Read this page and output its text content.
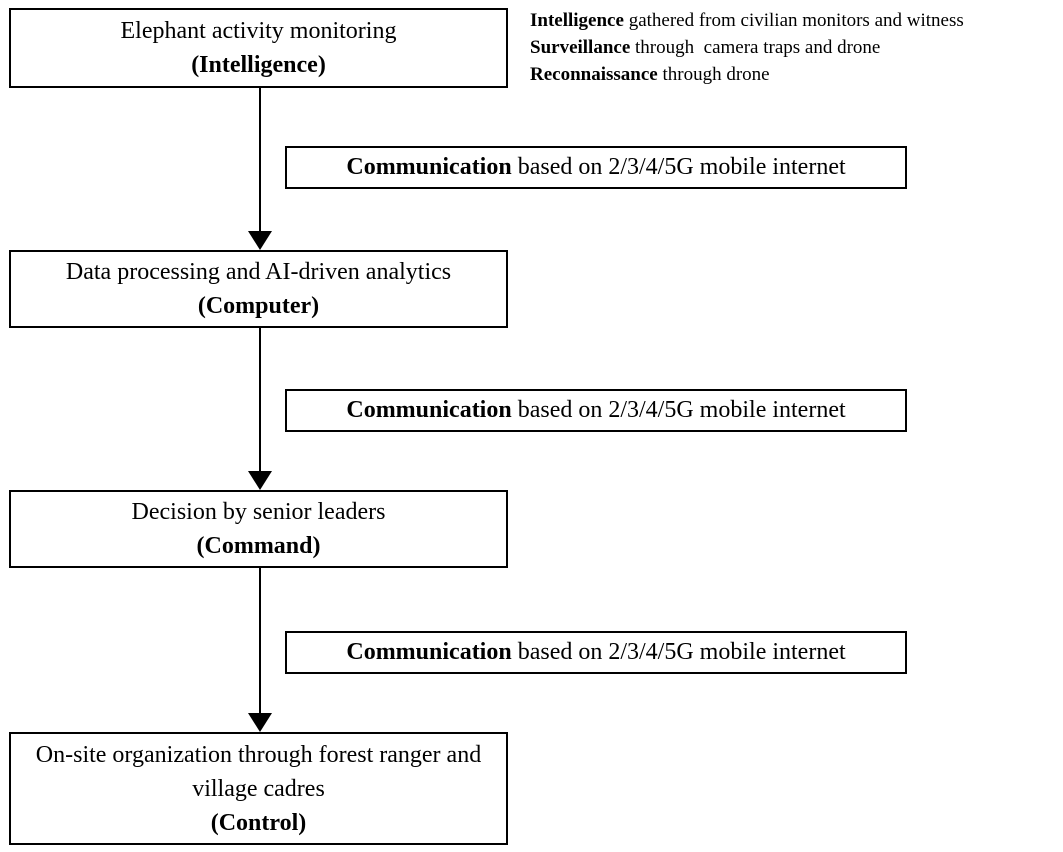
Elephant activity monitoring
(Intelligence)
Intelligence gathered from civilian monitors and witness
Surveillance through  camera traps and drone
Reconnaissance through drone
Communication based on 2/3/4/5G mobile internet
Data processing and AI-driven analytics
(Computer)
Communication based on 2/3/4/5G mobile internet
Decision by senior leaders
(Command)
Communication based on 2/3/4/5G mobile internet
On-site organization through forest ranger and village cadres
(Control)
